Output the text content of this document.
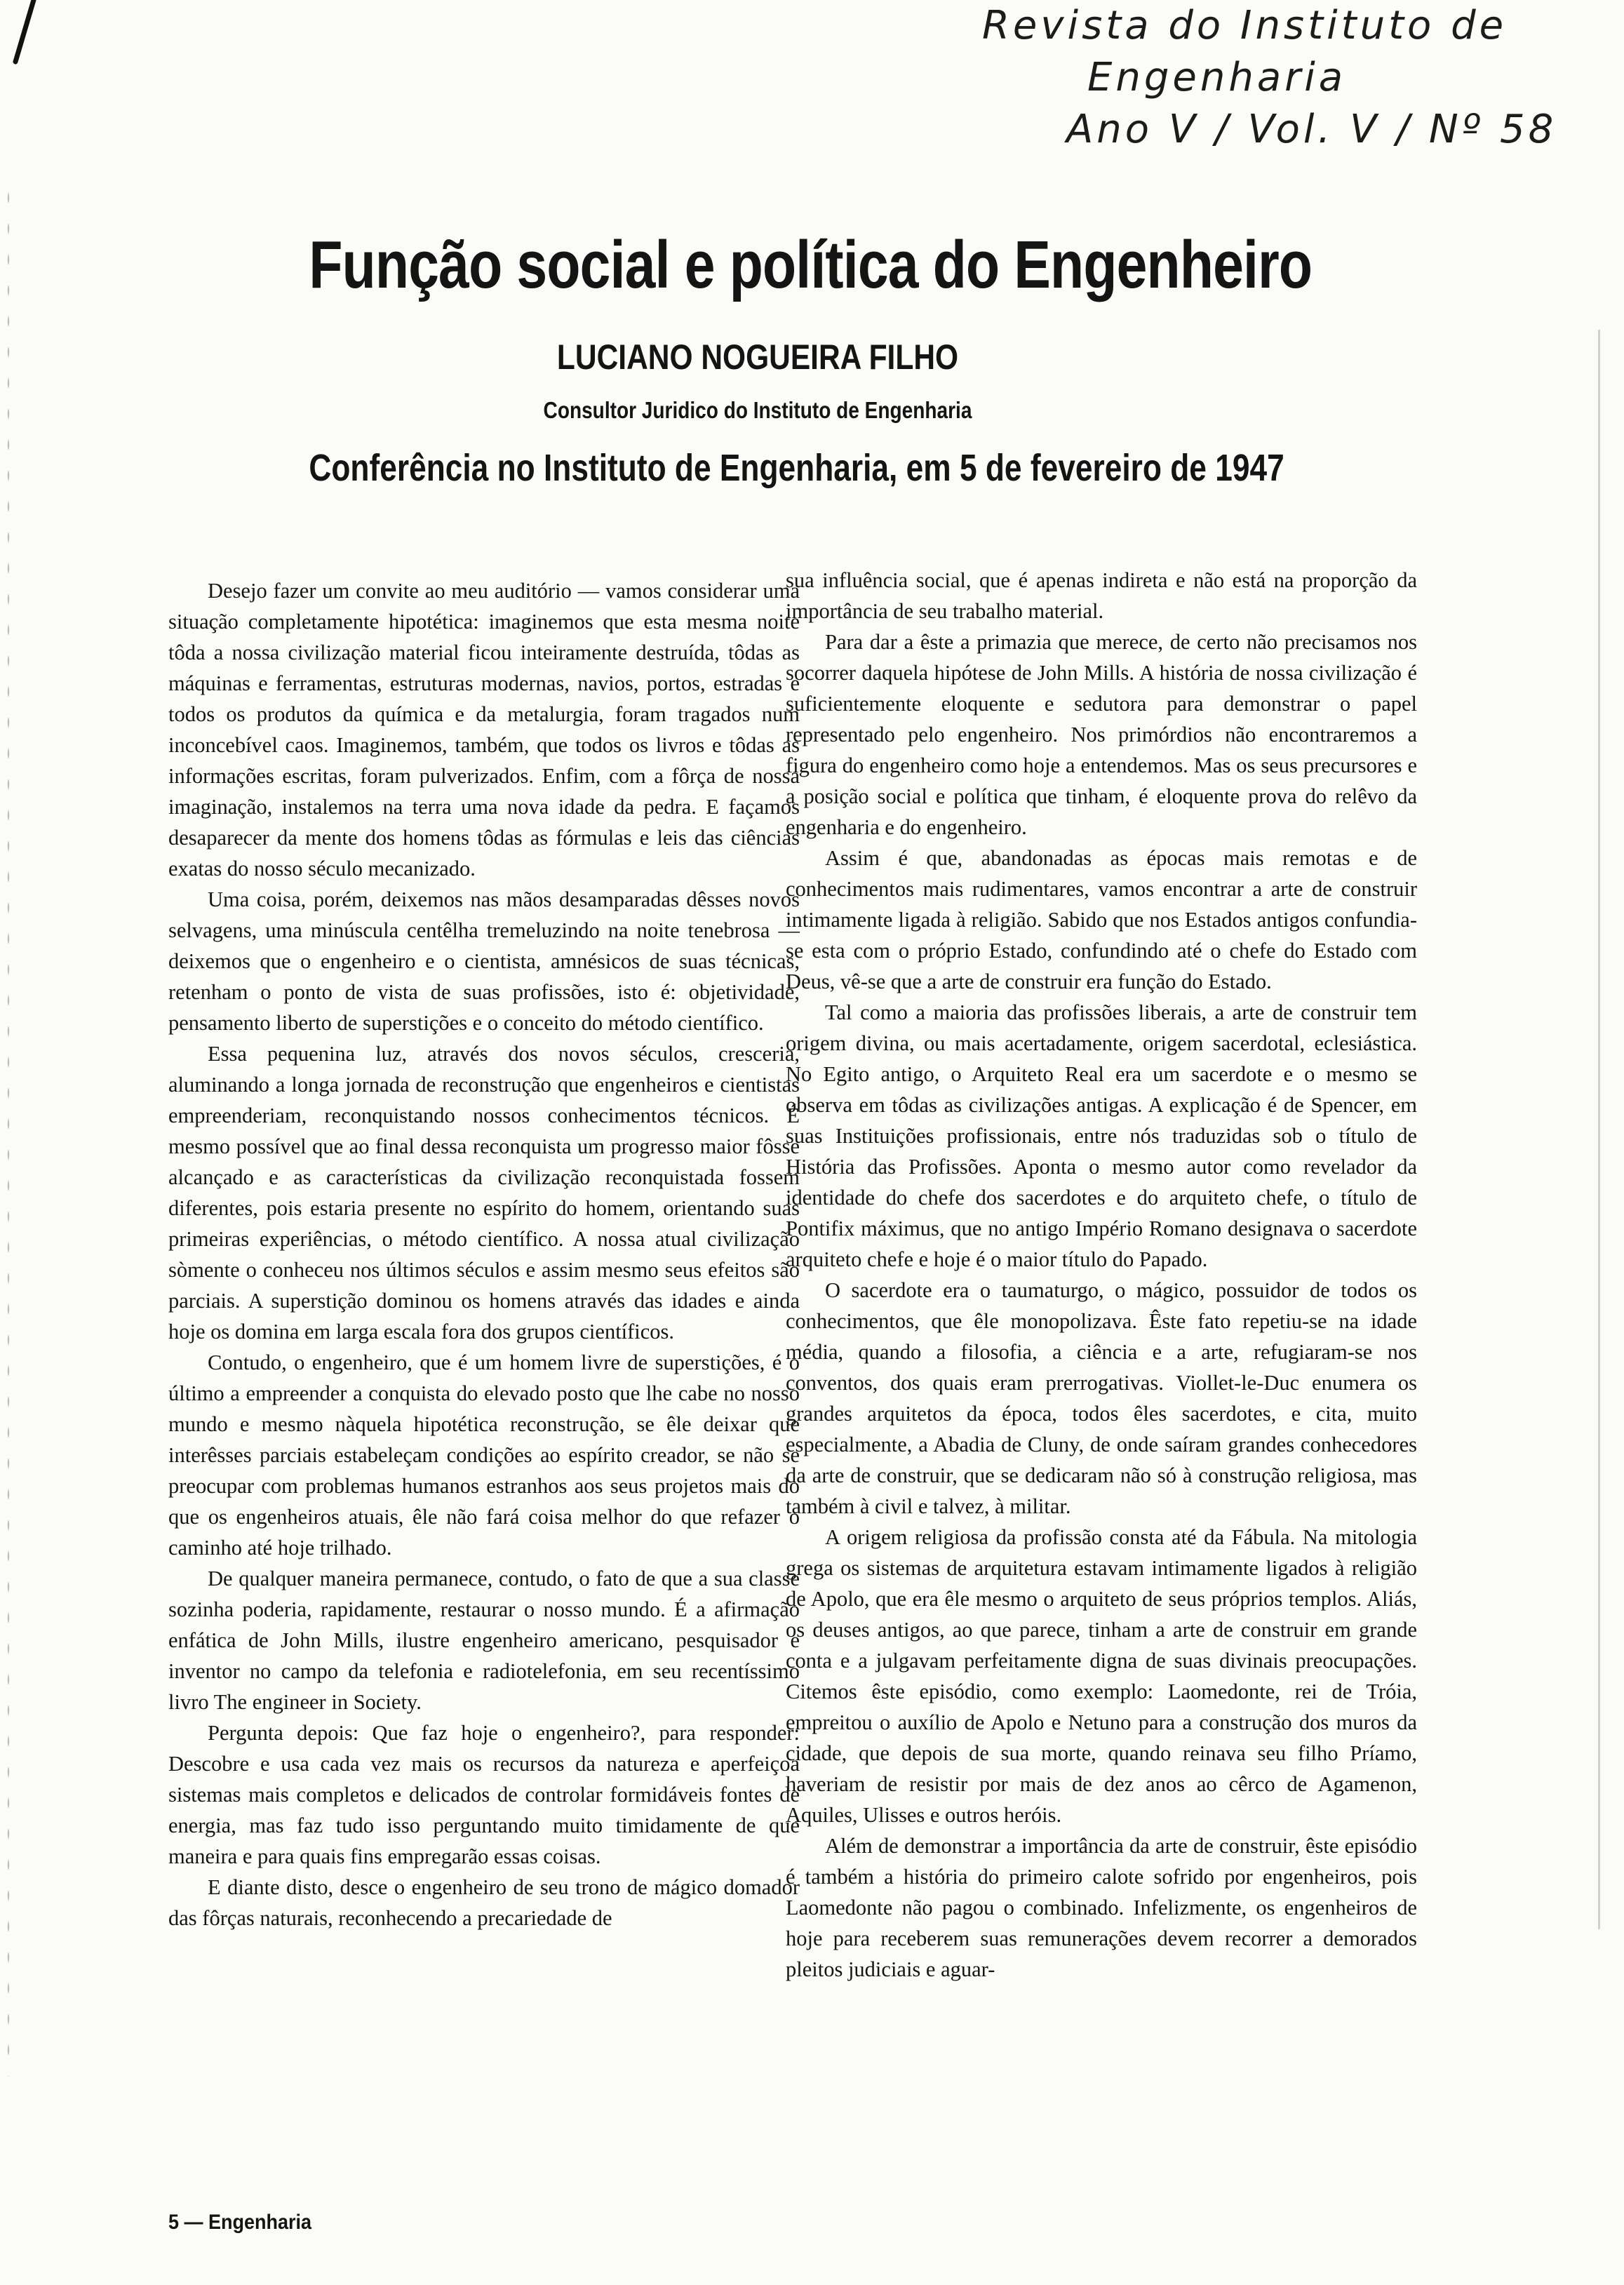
Revista do Instituto de
Engenharia
Ano V / Vol. V / Nº 58
Função social e política do Engenheiro
LUCIANO NOGUEIRA FILHO
Consultor Juridico do Instituto de Engenharia
Conferência no Instituto de Engenharia, em 5 de fevereiro de 1947

Desejo fazer um convite ao meu auditório — vamos considerar uma situação completamente hipotética: imaginemos que esta mesma noite tôda a nossa civilização material ficou inteiramente destruída, tôdas as máquinas e ferramentas, estruturas modernas, navios, portos, estradas e todos os produtos da química e da metalurgia, foram tragados num inconcebível caos. Imaginemos, também, que todos os livros e tôdas as informações escritas, foram pulverizados. Enfim, com a fôrça de nossa imaginação, instalemos na terra uma nova idade da pedra. E façamos desaparecer da mente dos homens tôdas as fórmulas e leis das ciências exatas do nosso século mecanizado.

Uma coisa, porém, deixemos nas mãos desamparadas dêsses novos selvagens, uma minúscula centêlha tremeluzindo na noite tenebrosa — deixemos que o engenheiro e o cientista, amnésicos de suas técnicas, retenham o ponto de vista de suas profissões, isto é: objetividade, pensamento liberto de superstições e o conceito do método científico.

Essa pequenina luz, através dos novos séculos, cresceria, aluminando a longa jornada de reconstrução que engenheiros e cientistas empreenderiam, reconquistando nossos conhecimentos técnicos. É mesmo possível que ao final dessa reconquista um progresso maior fôsse alcançado e as características da civilização reconquistada fossem diferentes, pois estaria presente no espírito do homem, orientando suas primeiras experiências, o método científico. A nossa atual civilização sòmente o conheceu nos últimos séculos e assim mesmo seus efeitos são parciais. A superstição dominou os homens através das idades e ainda hoje os domina em larga escala fora dos grupos científicos.

Contudo, o engenheiro, que é um homem livre de superstições, é o último a empreender a conquista do elevado posto que lhe cabe no nosso mundo e mesmo nàquela hipotética reconstrução, se êle deixar que interêsses parciais estabeleçam condições ao espírito creador, se não se preocupar com problemas humanos estranhos aos seus projetos mais do que os engenheiros atuais, êle não fará coisa melhor do que refazer o caminho até hoje trilhado.

De qualquer maneira permanece, contudo, o fato de que a sua classe sozinha poderia, rapidamente, restaurar o nosso mundo. É a afirmação enfática de John Mills, ilustre engenheiro americano, pesquisador e inventor no campo da telefonia e radiotelefonia, em seu recentíssimo livro The engineer in Society.

Pergunta depois: Que faz hoje o engenheiro?, para responder: Descobre e usa cada vez mais os recursos da natureza e aperfeiçoa sistemas mais completos e delicados de controlar formidáveis fontes de energia, mas faz tudo isso perguntando muito timidamente de que maneira e para quais fins empregarão essas coisas.

E diante disto, desce o engenheiro de seu trono de mágico domador das fôrças naturais, reconhecendo a precariedade de

sua influência social, que é apenas indireta e não está na proporção da importância de seu trabalho material.

Para dar a êste a primazia que merece, de certo não precisamos nos socorrer daquela hipótese de John Mills. A história de nossa civilização é suficientemente eloquente e sedutora para demonstrar o papel representado pelo engenheiro. Nos primórdios não encontraremos a figura do engenheiro como hoje a entendemos. Mas os seus precursores e a posição social e política que tinham, é eloquente prova do relêvo da engenharia e do engenheiro.

Assim é que, abandonadas as épocas mais remotas e de conhecimentos mais rudimentares, vamos encontrar a arte de construir intimamente ligada à religião. Sabido que nos Estados antigos confundia-se esta com o próprio Estado, confundindo até o chefe do Estado com Deus, vê-se que a arte de construir era função do Estado.

Tal como a maioria das profissões liberais, a arte de construir tem origem divina, ou mais acertadamente, origem sacerdotal, eclesiástica. No Egito antigo, o Arquiteto Real era um sacerdote e o mesmo se observa em tôdas as civilizações antigas. A explicação é de Spencer, em suas Instituições profissionais, entre nós traduzidas sob o título de História das Profissões. Aponta o mesmo autor como revelador da identidade do chefe dos sacerdotes e do arquiteto chefe, o título de Pontifix máximus, que no antigo Império Romano designava o sacerdote arquiteto chefe e hoje é o maior título do Papado.

O sacerdote era o taumaturgo, o mágico, possuidor de todos os conhecimentos, que êle monopolizava. Êste fato repetiu-se na idade média, quando a filosofia, a ciência e a arte, refugiaram-se nos conventos, dos quais eram prerrogativas. Viollet-le-Duc enumera os grandes arquitetos da época, todos êles sacerdotes, e cita, muito especialmente, a Abadia de Cluny, de onde saíram grandes conhecedores da arte de construir, que se dedicaram não só à construção religiosa, mas também à civil e talvez, à militar.

A origem religiosa da profissão consta até da Fábula. Na mitologia grega os sistemas de arquitetura estavam intimamente ligados à religião de Apolo, que era êle mesmo o arquiteto de seus próprios templos. Aliás, os deuses antigos, ao que parece, tinham a arte de construir em grande conta e a julgavam perfeitamente digna de suas divinais preocupações. Citemos êste episódio, como exemplo: Laomedonte, rei de Tróia, empreitou o auxílio de Apolo e Netuno para a construção dos muros da cidade, que depois de sua morte, quando reinava seu filho Príamo, haveriam de resistir por mais de dez anos ao cêrco de Agamenon, Aquiles, Ulisses e outros heróis.

Além de demonstrar a importância da arte de construir, êste episódio é também a história do primeiro calote sofrido por engenheiros, pois Laomedonte não pagou o combinado. Infelizmente, os engenheiros de hoje para receberem suas remunerações devem recorrer a demorados pleitos judiciais e aguar-

5 — Engenharia
